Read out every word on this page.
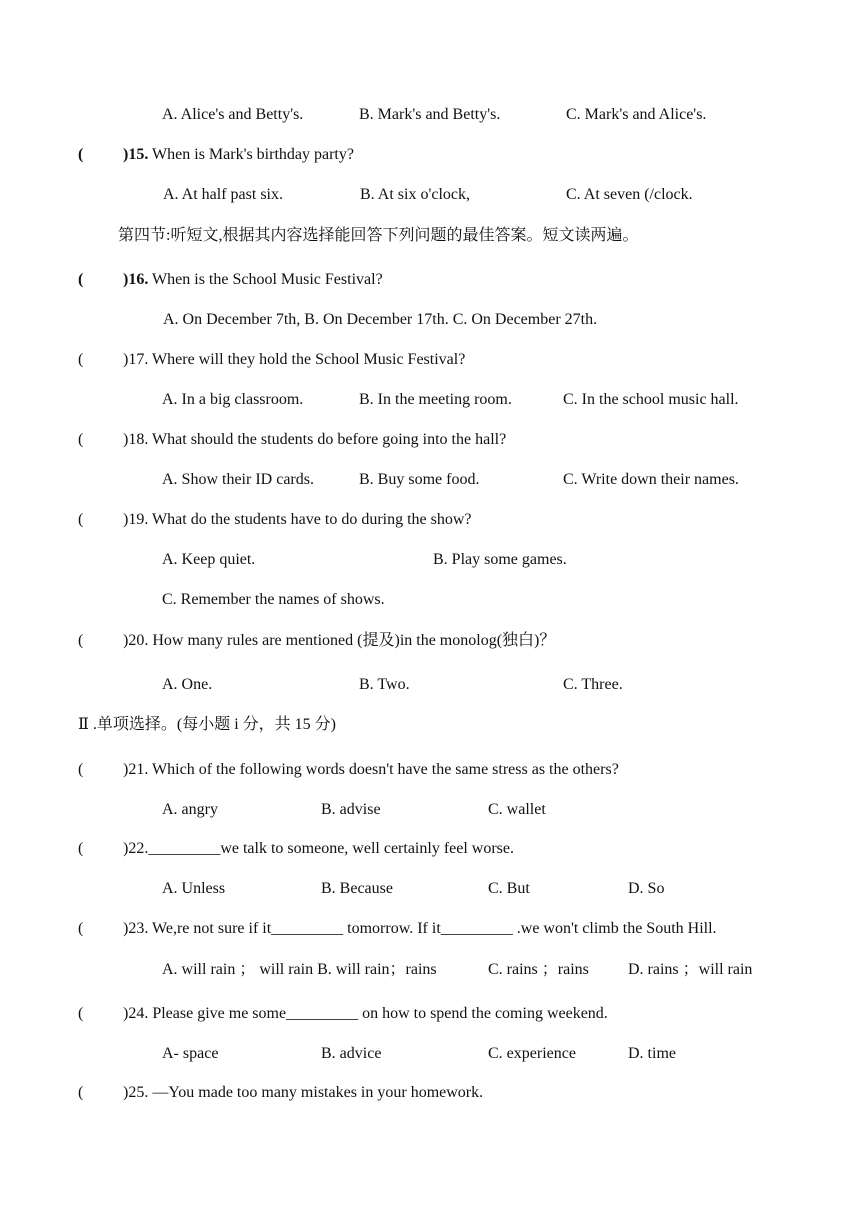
A. Alice's and Betty's.	B. Mark's and Betty's.	C. Mark's and Alice's.
( )15. When is Mark's birthday party?
A. At half past six.	B. At six o'clock,	C. At seven (/clock.
第四节:听短文,根据其内容选择能回答下列问题的最佳答案。短文读两遍。
( )16. When is the School Music Festival?
A. On December 7th, B. On December 17th. C. On December 27th.
( )17. Where will they hold the School Music Festival?
A. In a big classroom.	B. In the meeting room.	C. In the school music hall.
( )18. What should the students do before going into the hall?
A. Show their ID cards.	B. Buy some food.	C. Write down their names.
( )19. What do the students have to do during the show?
A. Keep quiet.	B. Play some games.
C. Remember the names of shows.
( )20. How many rules are mentioned (提及)in the monolog(独白)？
A. One.	B. Two.	C. Three.
Ⅱ .单项选择。(每小题 i 分，共 15 分)
( )21. Which of the following words doesn't have the same stress as the others?
A. angry	B. advise	C. wallet
( )22._________we talk to someone, well certainly feel worse.
A. Unless	B. Because	C. But	D. So
( )23. We,re not sure if it_________ tomorrow. If it_________ .we won't climb the South Hill.
A. will rain ； will rain B. will rain；rains	C. rains ；rains D. rains ；will rain
( )24. Please give me some_________ on how to spend the coming weekend.
A- space	B. advice	C. experience	D. time
( )25. —You made too many mistakes in your homework.
